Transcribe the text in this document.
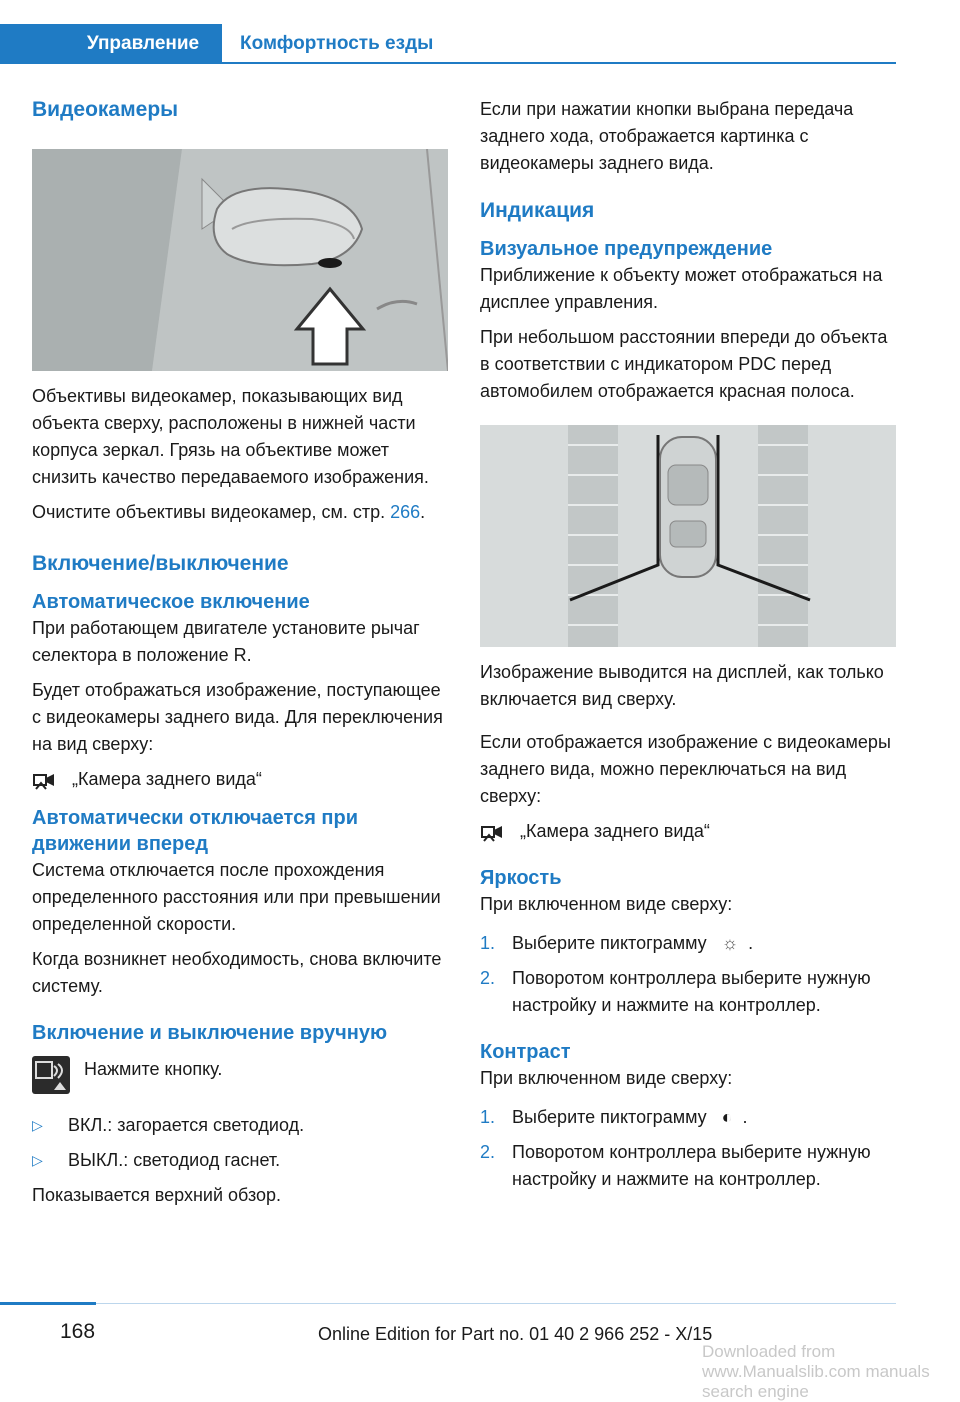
Управление	Комфортность езды
Видеокамеры

Объективы видеокамер, показывающих вид объекта сверху, расположены в нижней части корпуса зеркал. Грязь на объективе может снизить качество передаваемого изображения.

Очистите объективы видеокамер, см. стр. 266.

Включение/выключение
Автоматическое включение

При работающем двигателе установите рычаг селектора в положение R.

Будет отображаться изображение, поступающее с видеокамеры заднего вида. Для переключения на вид сверху:

„Камера заднего вида“
Автоматически отключается при движении вперед

Система отключается после прохождения определенного расстояния или при превышении определенной скорости.

Когда возникнет необходимость, снова включите систему.

Включение и выключение вручную
Нажмите кнопку.
▷ ВКЛ.: загорается светодиод.
▷ ВЫКЛ.: светодиод гаснет.

Показывается верхний обзор.

Если при нажатии кнопки выбрана передача заднего хода, отображается картинка с видеокамеры заднего вида.

Индикация
Визуальное предупреждение

Приближение к объекту может отображаться на дисплее управления.

При небольшом расстоянии впереди до объекта в соответствии с индикатором PDC перед автомобилем отображается красная полоса.

Изображение выводится на дисплей, как только включается вид сверху.

Если отображается изображение с видеокамеры заднего вида, можно переключаться на вид сверху:

„Камера заднего вида“
Яркость

При включенном виде сверху:

1. Выберите пиктограмму ☼ .
2. Поворотом контроллера выберите нужную настройку и нажмите на контроллер.
Контраст

При включенном виде сверху:

1. Выберите пиктограмму ◐ .
2. Поворотом контроллера выберите нужную настройку и нажмите на контроллер.
168	Online Edition for Part no. 01 40 2 966 252 - X/15
Downloaded from www.Manualslib.com manuals search engine
